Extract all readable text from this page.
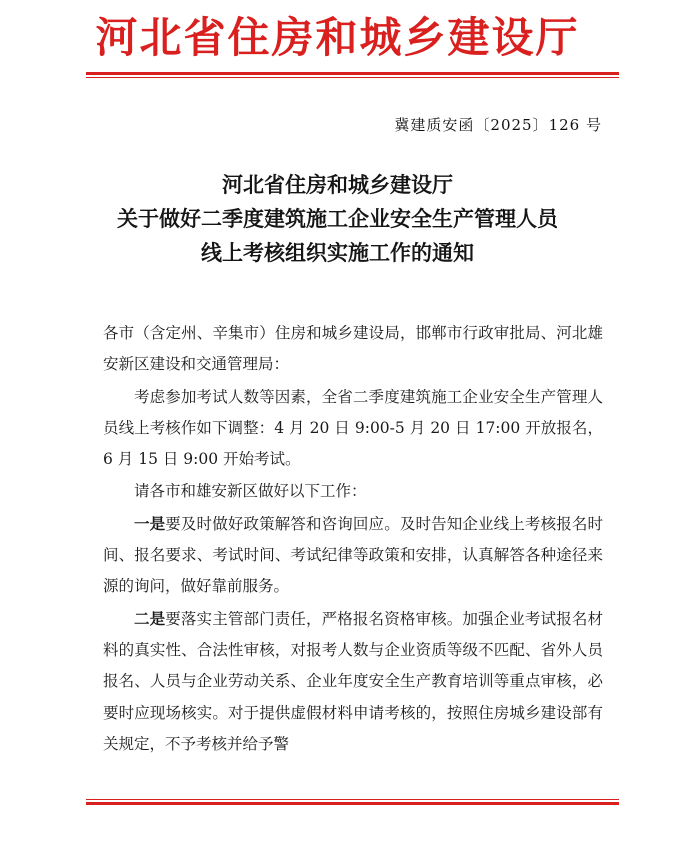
河北省住房和城乡建设厅
冀建质安函〔2025〕126 号
河北省住房和城乡建设厅
关于做好二季度建筑施工企业安全生产管理人员
线上考核组织实施工作的通知

各市（含定州、辛集市）住房和城乡建设局，邯郸市行政审批局、河北雄安新区建设和交通管理局：

考虑参加考试人数等因素，全省二季度建筑施工企业安全生产管理人员线上考核作如下调整：4 月 20 日 9:00-5 月 20 日 17:00 开放报名，6 月 15 日 9:00 开始考试。

请各市和雄安新区做好以下工作：

一是要及时做好政策解答和咨询回应。及时告知企业线上考核报名时间、报名要求、考试时间、考试纪律等政策和安排，认真解答各种途径来源的询问，做好靠前服务。

二是要落实主管部门责任，严格报名资格审核。加强企业考试报名材料的真实性、合法性审核，对报考人数与企业资质等级不匹配、省外人员报名、人员与企业劳动关系、企业年度安全生产教育培训等重点审核，必要时应现场核实。对于提供虚假材料申请考核的，按照住房城乡建设部有关规定，不予考核并给予警
